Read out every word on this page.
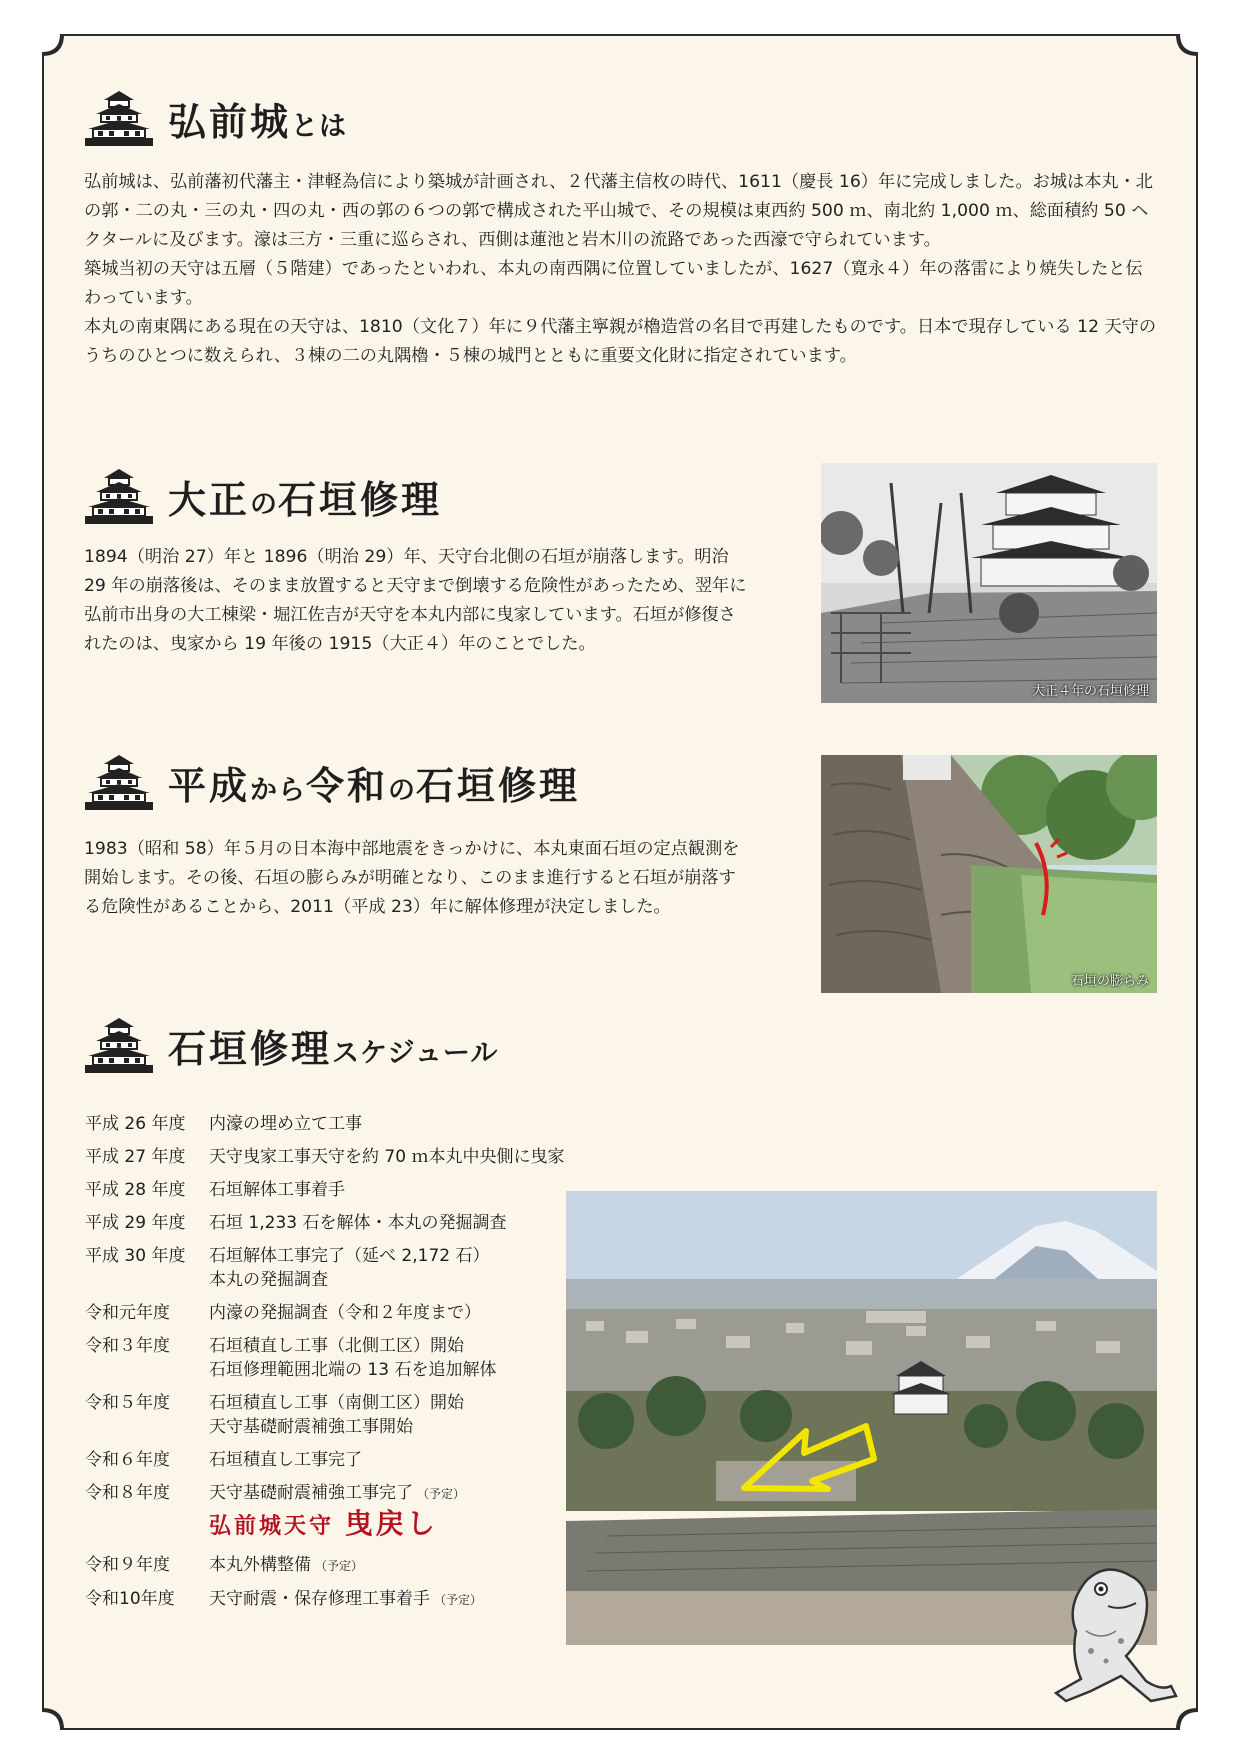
弘前城とは

弘前城は、弘前藩初代藩主・津軽為信により築城が計画され、２代藩主信枚の時代、1611（慶長 16）年に完成しました。お城は本丸・北の郭・二の丸・三の丸・四の丸・西の郭の６つの郭で構成された平山城で、その規模は東西約 500 ｍ、南北約 1,000 ｍ、総面積約 50 ヘクタールに及びます。濠は三方・三重に巡らされ、西側は蓮池と岩木川の流路であった西濠で守られています。

築城当初の天守は五層（５階建）であったといわれ、本丸の南西隅に位置していましたが、1627（寛永４）年の落雷により焼失したと伝わっています。

本丸の南東隅にある現在の天守は、1810（文化７）年に９代藩主寧親が櫓造営の名目で再建したものです。日本で現存している 12 天守のうちのひとつに数えられ、３棟の二の丸隅櫓・５棟の城門とともに重要文化財に指定されています。

大正の石垣修理

1894（明治 27）年と 1896（明治 29）年、天守台北側の石垣が崩落します。明治 29 年の崩落後は、そのまま放置すると天守まで倒壊する危険性があったため、翌年に弘前市出身の大工棟梁・堀江佐吉が天守を本丸内部に曳家しています。石垣が修復されたのは、曳家から 19 年後の 1915（大正４）年のことでした。

大正４年の石垣修理
平成から令和の石垣修理

1983（昭和 58）年５月の日本海中部地震をきっかけに、本丸東面石垣の定点観測を開始します。その後、石垣の膨らみが明確となり、このまま進行すると石垣が崩落する危険性があることから、2011（平成 23）年に解体修理が決定しました。

石垣の膨らみ
石垣修理スケジュール
平成 26 年度	内濠の埋め立て工事
平成 27 年度	天守曳家工事天守を約 70 ｍ本丸中央側に曳家
平成 28 年度	石垣解体工事着手
平成 29 年度	石垣 1,233 石を解体・本丸の発掘調査
平成 30 年度	石垣解体工事完了（延べ 2,172 石）
本丸の発掘調査
令和元年度	内濠の発掘調査（令和２年度まで）
令和３年度	石垣積直し工事（北側工区）開始
石垣修理範囲北端の 13 石を追加解体
令和５年度	石垣積直し工事（南側工区）開始
天守基礎耐震補強工事開始
令和６年度	石垣積直し工事完了
令和８年度	天守基礎耐震補強工事完了 （予定）
弘前城天守 曳戻し
令和９年度	本丸外構整備 （予定）
令和10年度	天守耐震・保存修理工事着手 （予定）
